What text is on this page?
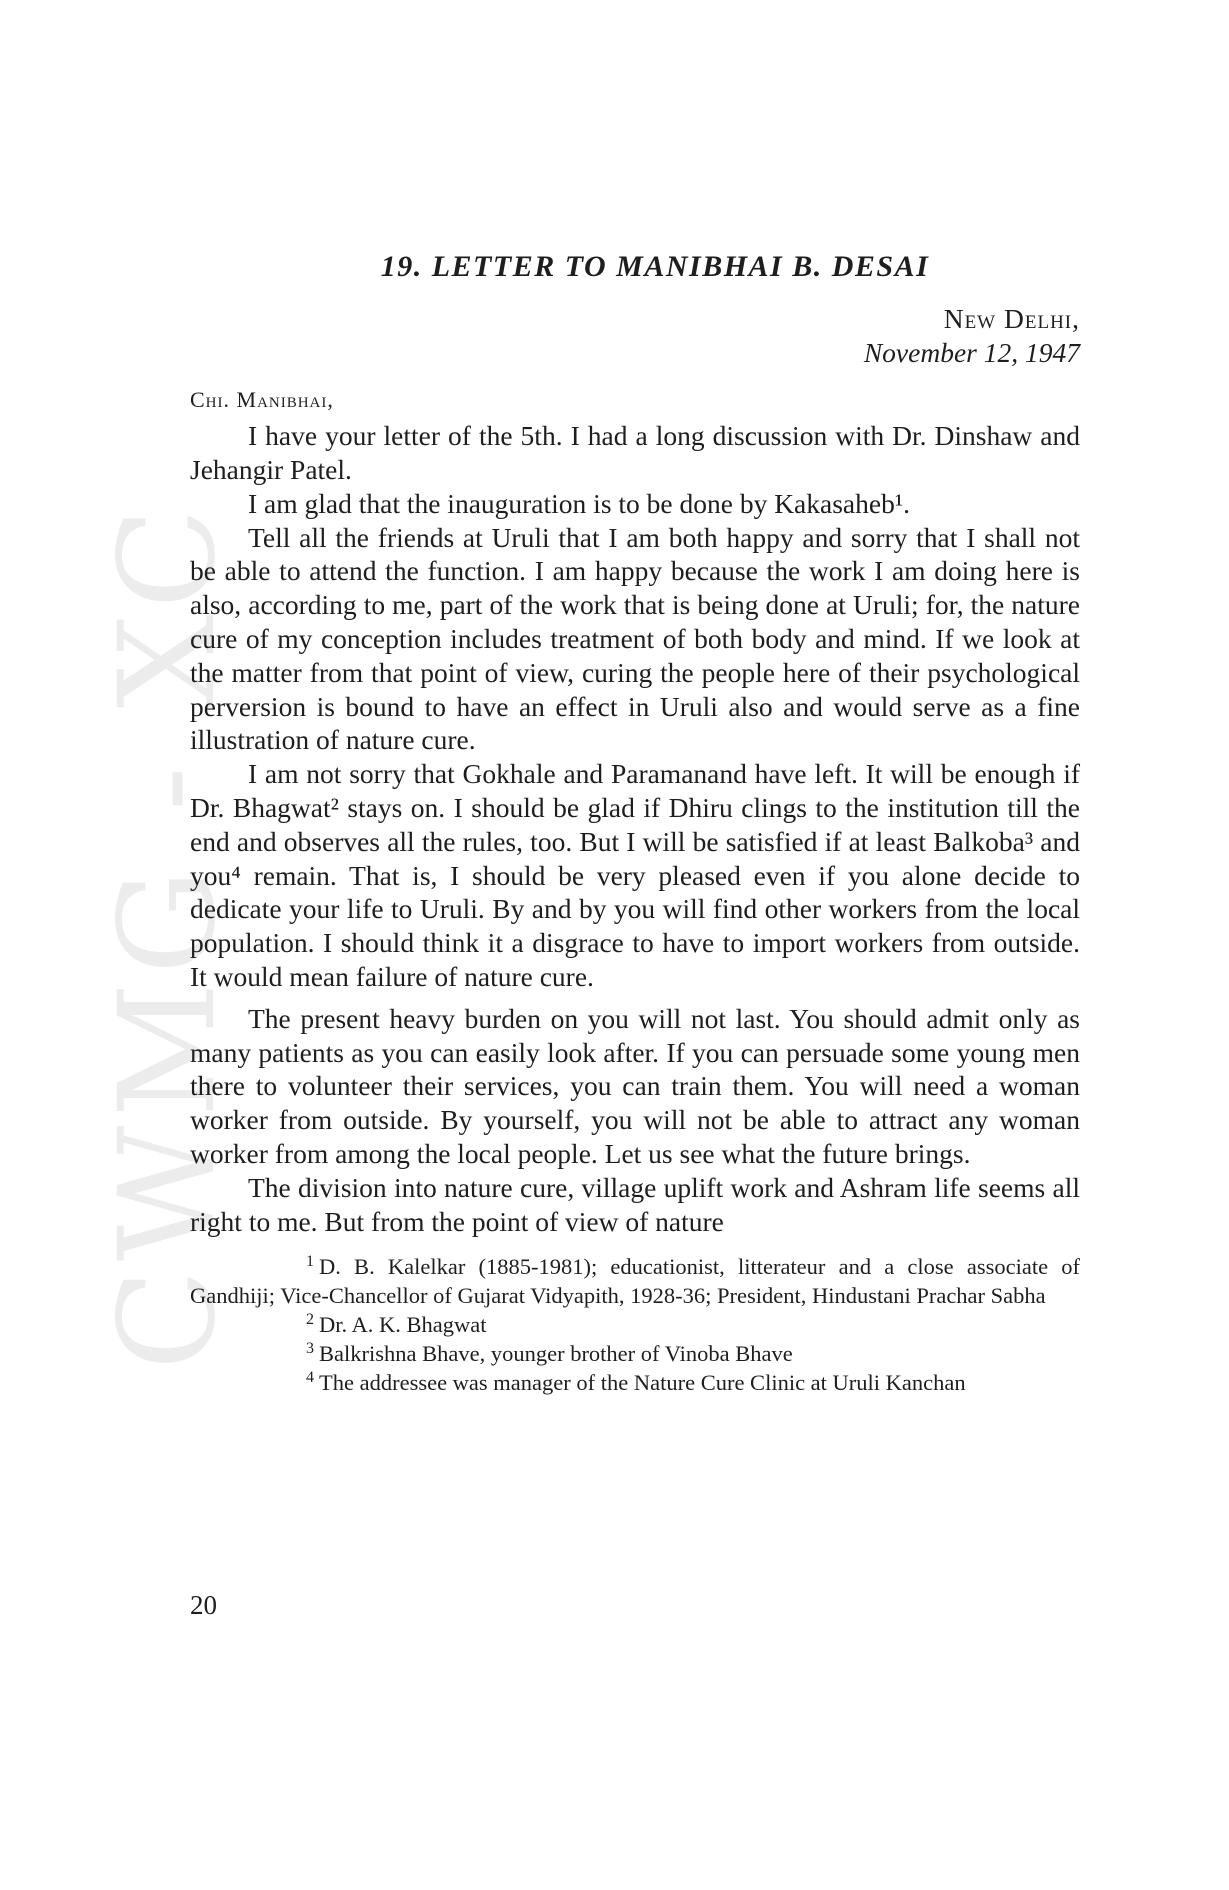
CWMG - XC
19. LETTER TO MANIBHAI B. DESAI

New Delhi,

November 12, 1947

Chi. Manibhai,

I have your letter of the 5th. I had a long discussion with Dr. Dinshaw and Jehangir Patel.

I am glad that the inauguration is to be done by Kakasaheb¹.

Tell all the friends at Uruli that I am both happy and sorry that I shall not be able to attend the function. I am happy because the work I am doing here is also, according to me, part of the work that is being done at Uruli; for, the nature cure of my conception includes treatment of both body and mind. If we look at the matter from that point of view, curing the people here of their psychological perversion is bound to have an effect in Uruli also and would serve as a fine illustration of nature cure.

I am not sorry that Gokhale and Paramanand have left. It will be enough if Dr. Bhagwat² stays on. I should be glad if Dhiru clings to the institution till the end and observes all the rules, too. But I will be satisfied if at least Balkoba³ and you⁴ remain. That is, I should be very pleased even if you alone decide to dedicate your life to Uruli. By and by you will find other workers from the local population. I should think it a disgrace to have to import workers from outside. It would mean failure of nature cure.

The present heavy burden on you will not last. You should admit only as many patients as you can easily look after. If you can persuade some young men there to volunteer their services, you can train them. You will need a woman worker from outside. By yourself, you will not be able to attract any woman worker from among the local people. Let us see what the future brings.

The division into nature cure, village uplift work and Ashram life seems all right to me. But from the point of view of nature

1 D. B. Kalelkar (1885-1981); educationist, litterateur and a close associate of Gandhiji; Vice-Chancellor of Gujarat Vidyapith, 1928-36; President, Hindustani Prachar Sabha

2 Dr. A. K. Bhagwat

3 Balkrishna Bhave, younger brother of Vinoba Bhave

4 The addressee was manager of the Nature Cure Clinic at Uruli Kanchan

20
